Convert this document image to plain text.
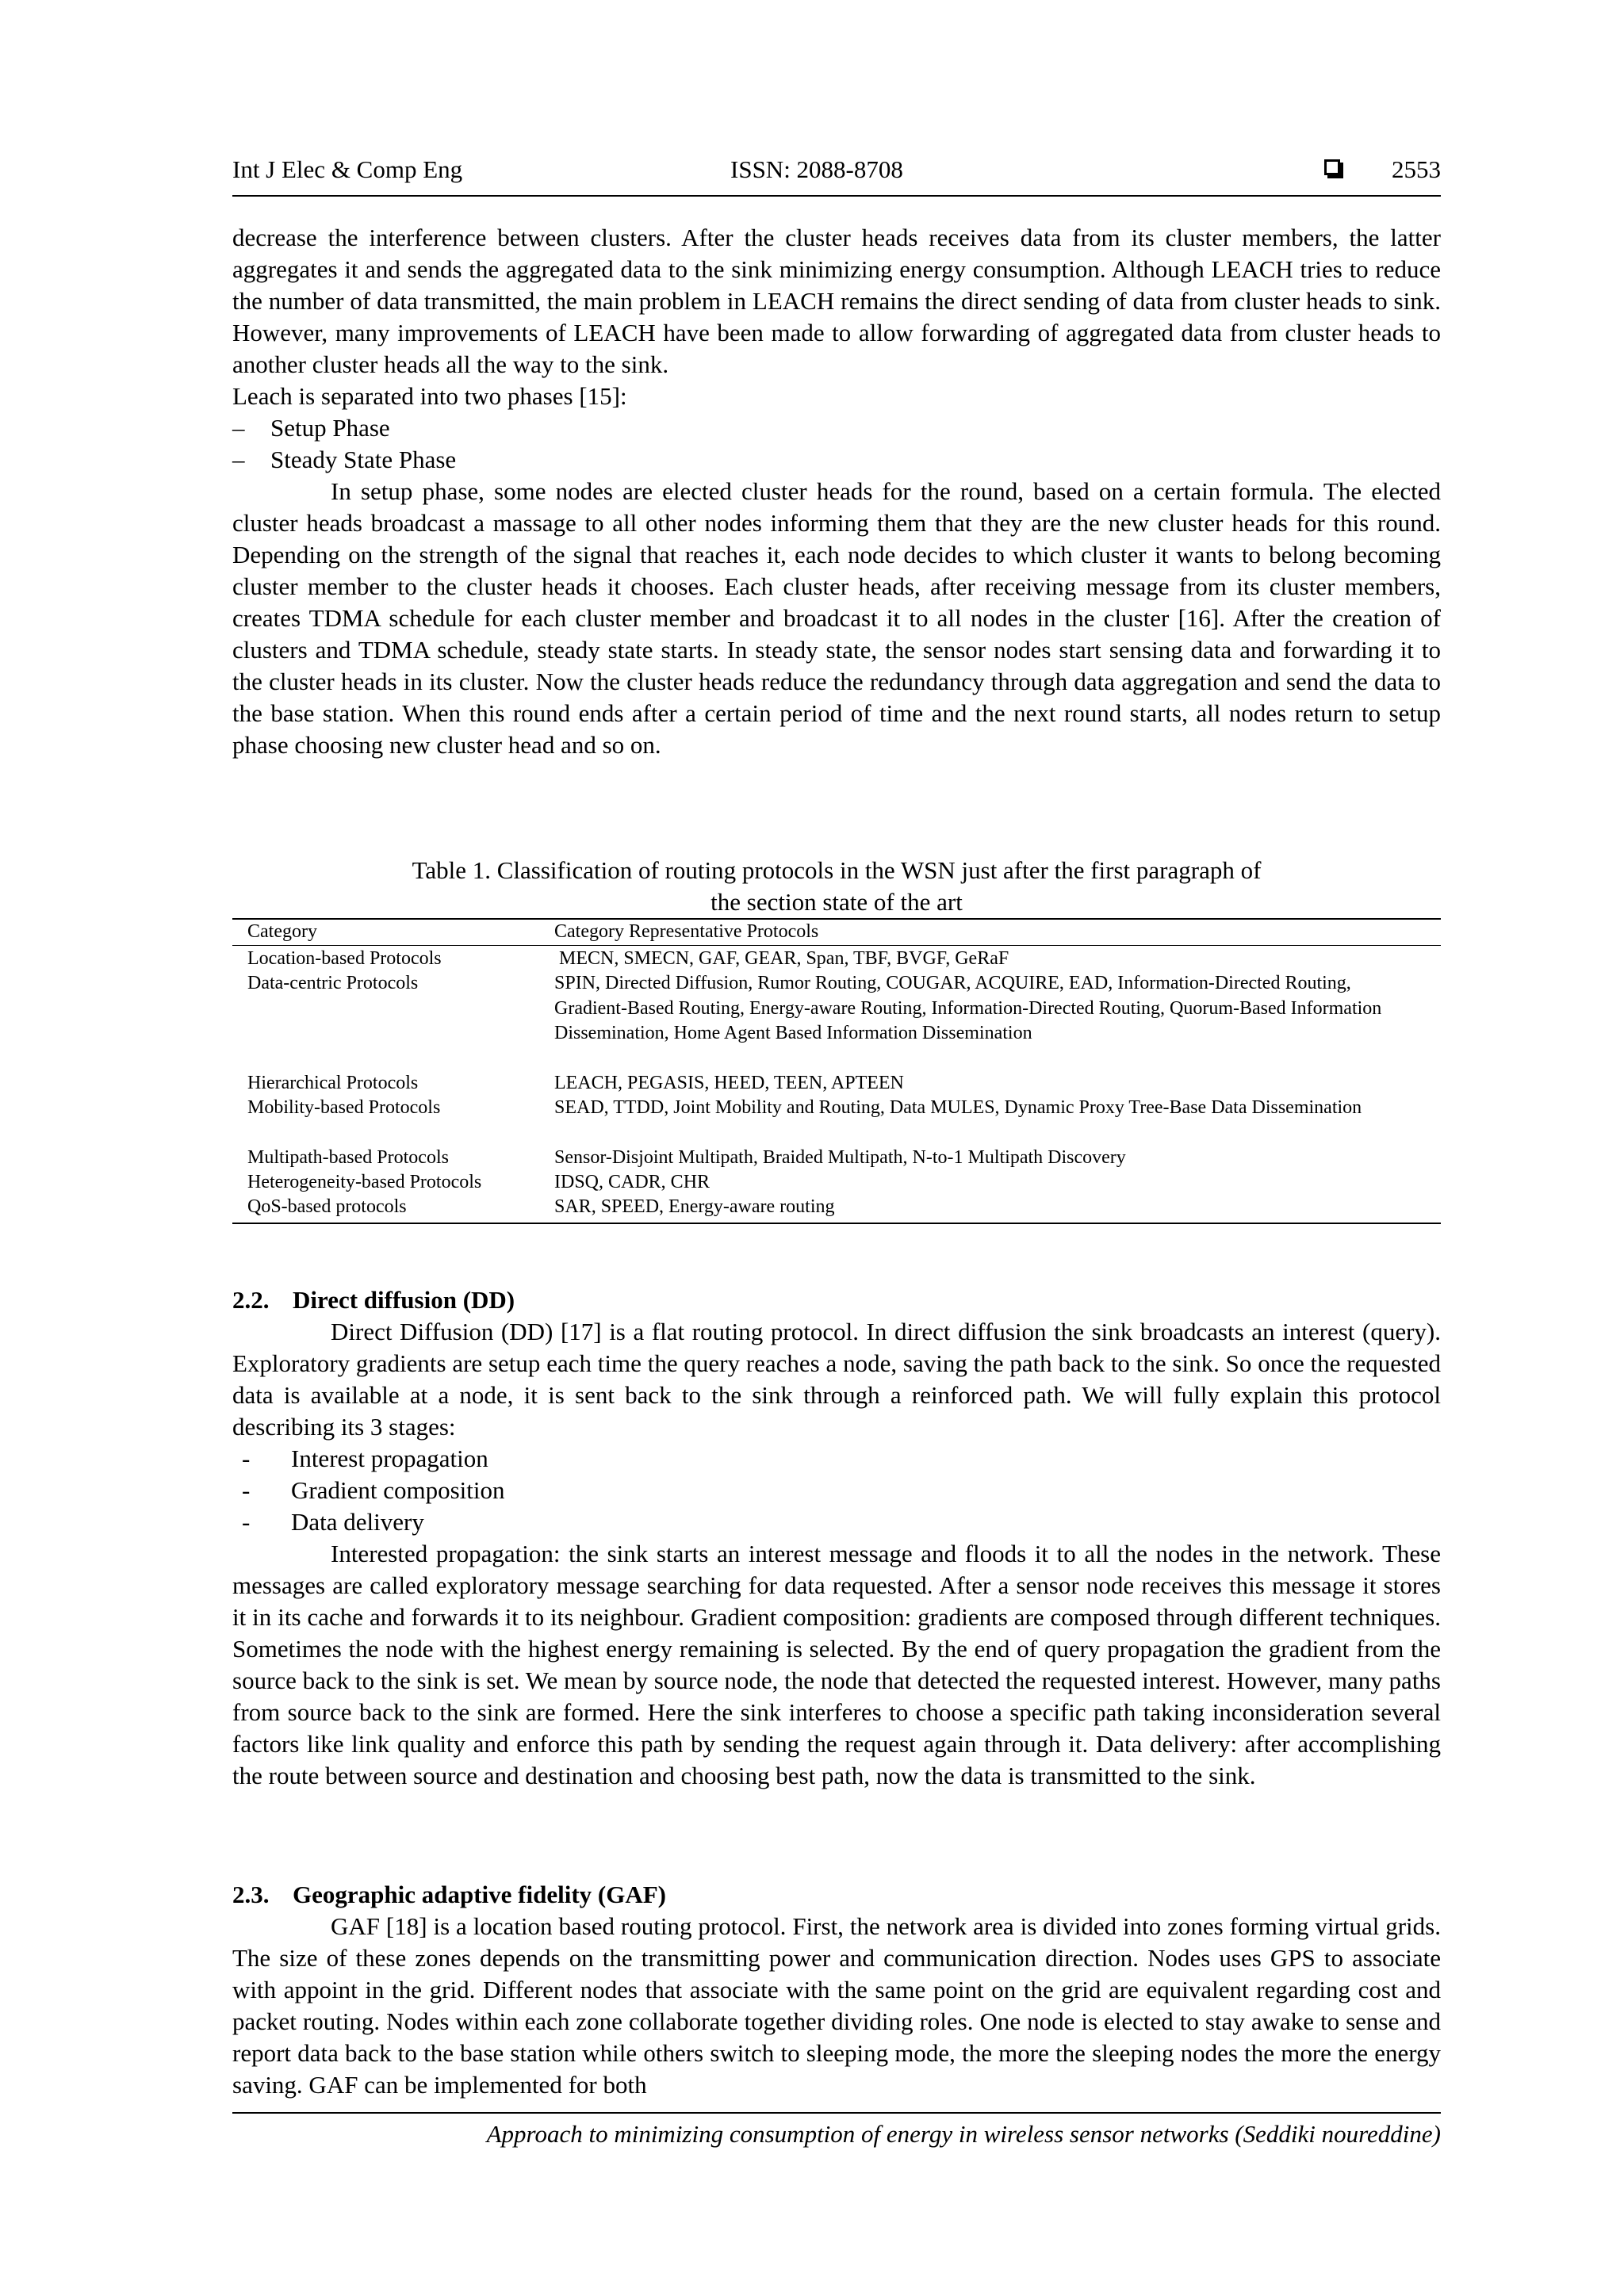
Int J Elec & Comp Eng	ISSN: 2088-8708	2553

decrease the interference between clusters. After the cluster heads receives data from its cluster members, the latter aggregates it and sends the aggregated data to the sink minimizing energy consumption. Although LEACH tries to reduce the number of data transmitted, the main problem in LEACH remains the direct sending of data from cluster heads to sink. However, many improvements of LEACH have been made to allow forwarding of aggregated data from cluster heads to another cluster heads all the way to the sink.

Leach is separated into two phases [15]:

– Setup Phase
– Steady State Phase

In setup phase, some nodes are elected cluster heads for the round, based on a certain formula. The elected cluster heads broadcast a massage to all other nodes informing them that they are the new cluster heads for this round. Depending on the strength of the signal that reaches it, each node decides to which cluster it wants to belong becoming cluster member to the cluster heads it chooses. Each cluster heads, after receiving message from its cluster members, creates TDMA schedule for each cluster member and broadcast it to all nodes in the cluster [16]. After the creation of clusters and TDMA schedule, steady state starts. In steady state, the sensor nodes start sensing data and forwarding it to the cluster heads in its cluster. Now the cluster heads reduce the redundancy through data aggregation and send the data to the base station. When this round ends after a certain period of time and the next round starts, all nodes return to setup phase choosing new cluster head and so on.

Table 1. Classification of routing protocols in the WSN just after the first paragraph of
the section state of the art
Category	Category Representative Protocols
Location-based Protocols	MECN, SMECN, GAF, GEAR, Span, TBF, BVGF, GeRaF
Data-centric Protocols	SPIN, Directed Diffusion, Rumor Routing, COUGAR, ACQUIRE, EAD, Information-Directed Routing, Gradient-Based Routing, Energy-aware Routing, Information-Directed Routing, Quorum-Based Information Dissemination, Home Agent Based Information Dissemination
Hierarchical Protocols	LEACH, PEGASIS, HEED, TEEN, APTEEN
Mobility-based Protocols	SEAD, TTDD, Joint Mobility and Routing, Data MULES, Dynamic Proxy Tree-Base Data Dissemination
Multipath-based Protocols	Sensor-Disjoint Multipath, Braided Multipath, N-to-1 Multipath Discovery
Heterogeneity-based Protocols	IDSQ, CADR, CHR
QoS-based protocols	SAR, SPEED, Energy-aware routing
2.2. Direct diffusion (DD)

Direct Diffusion (DD) [17] is a flat routing protocol. In direct diffusion the sink broadcasts an interest (query). Exploratory gradients are setup each time the query reaches a node, saving the path back to the sink. So once the requested data is available at a node, it is sent back to the sink through a reinforced path. We will fully explain this protocol describing its 3 stages:

- Interest propagation
- Gradient composition
- Data delivery

Interested propagation: the sink starts an interest message and floods it to all the nodes in the network. These messages are called exploratory message searching for data requested. After a sensor node receives this message it stores it in its cache and forwards it to its neighbour. Gradient composition: gradients are composed through different techniques. Sometimes the node with the highest energy remaining is selected. By the end of query propagation the gradient from the source back to the sink is set. We mean by source node, the node that detected the requested interest. However, many paths from source back to the sink are formed. Here the sink interferes to choose a specific path taking inconsideration several factors like link quality and enforce this path by sending the request again through it. Data delivery: after accomplishing the route between source and destination and choosing best path, now the data is transmitted to the sink.

2.3. Geographic adaptive fidelity (GAF)

GAF [18] is a location based routing protocol. First, the network area is divided into zones forming virtual grids. The size of these zones depends on the transmitting power and communication direction. Nodes uses GPS to associate with appoint in the grid. Different nodes that associate with the same point on the grid are equivalent regarding cost and packet routing. Nodes within each zone collaborate together dividing roles. One node is elected to stay awake to sense and report data back to the base station while others switch to sleeping mode, the more the sleeping nodes the more the energy saving. GAF can be implemented for both

Approach to minimizing consumption of energy in wireless sensor networks (Seddiki noureddine)
